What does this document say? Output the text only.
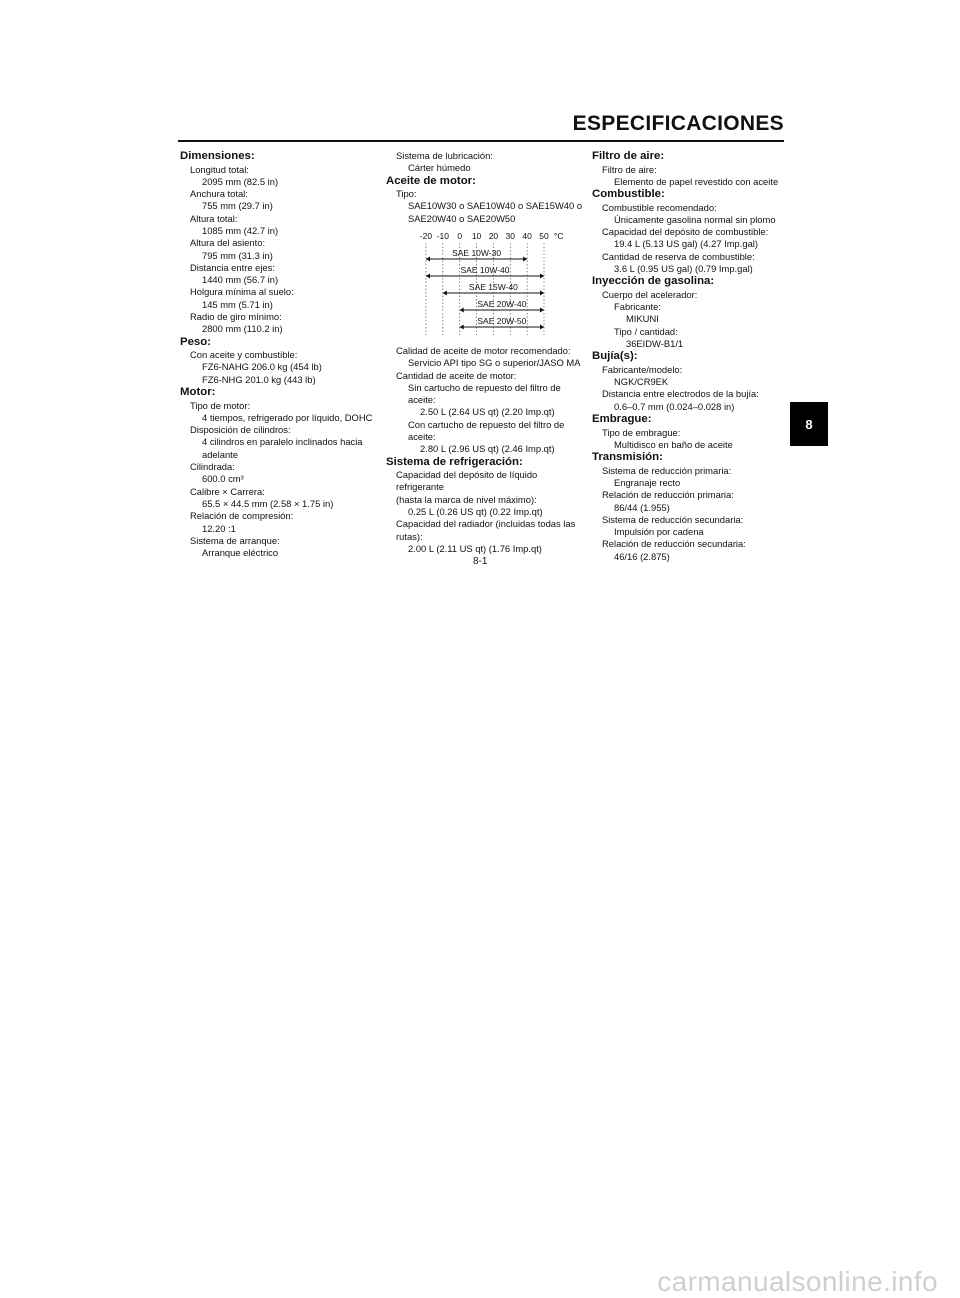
ESPECIFICACIONES
Dimensiones:
Longitud total:
2095 mm (82.5 in)
Anchura total:
755 mm (29.7 in)
Altura total:
1085 mm (42.7 in)
Altura del asiento:
795 mm (31.3 in)
Distancia entre ejes:
1440 mm (56.7 in)
Holgura mínima al suelo:
145 mm (5.71 in)
Radio de giro mínimo:
2800 mm (110.2 in)
Peso:
Con aceite y combustible:
FZ6-NAHG 206.0 kg (454 lb)
FZ6-NHG 201.0 kg (443 lb)
Motor:
Tipo de motor:
4 tiempos, refrigerado por líquido, DOHC
Disposición de cilindros:
4 cilindros en paralelo inclinados hacia
adelante
Cilindrada:
600.0 cm³
Calibre × Carrera:
65.5 × 44.5 mm (2.58 × 1.75 in)
Relación de compresión:
12.20 :1
Sistema de arranque:
Arranque eléctrico
Sistema de lubricación:
Cárter húmedo
Aceite de motor:
Tipo:
SAE10W30 o SAE10W40 o SAE15W40 o
SAE20W40 o SAE20W50
-20 -10 0 10 20 30 40 50 °C
SAE 10W-30
SAE 10W-40
SAE 15W-40
SAE 20W-40
SAE 20W-50
Calidad de aceite de motor recomendado:
Servicio API tipo SG o superior/JASO MA
Cantidad de aceite de motor:
Sin cartucho de repuesto del filtro de
aceite:
2.50 L (2.64 US qt) (2.20 Imp.qt)
Con cartucho de repuesto del filtro de
aceite:
2.80 L (2.96 US qt) (2.46 Imp.qt)
Sistema de refrigeración:
Capacidad del depósito de líquido refrigerante
(hasta la marca de nivel máximo):
0.25 L (0.26 US qt) (0.22 Imp.qt)
Capacidad del radiador (incluidas todas las
rutas):
2.00 L (2.11 US qt) (1.76 Imp.qt)
Filtro de aire:
Filtro de aire:
Elemento de papel revestido con aceite
Combustible:
Combustible recomendado:
Únicamente gasolina normal sin plomo
Capacidad del depósito de combustible:
19.4 L (5.13 US gal) (4.27 Imp.gal)
Cantidad de reserva de combustible:
3.6 L (0.95 US gal) (0.79 Imp.gal)
Inyección de gasolina:
Cuerpo del acelerador:
Fabricante:
MIKUNI
Tipo / cantidad:
36EIDW-B1/1
Bujía(s):
Fabricante/modelo:
NGK/CR9EK
Distancia entre electrodos de la bujía:
0.6–0.7 mm (0.024–0.028 in)
Embrague:
Tipo de embrague:
Multidisco en baño de aceite
Transmisión:
Sistema de reducción primaria:
Engranaje recto
Relación de reducción primaria:
86/44 (1.955)
Sistema de reducción secundaria:
Impulsión por cadena
Relación de reducción secundaria:
46/16 (2.875)
8
8-1
carmanualsonline.info
